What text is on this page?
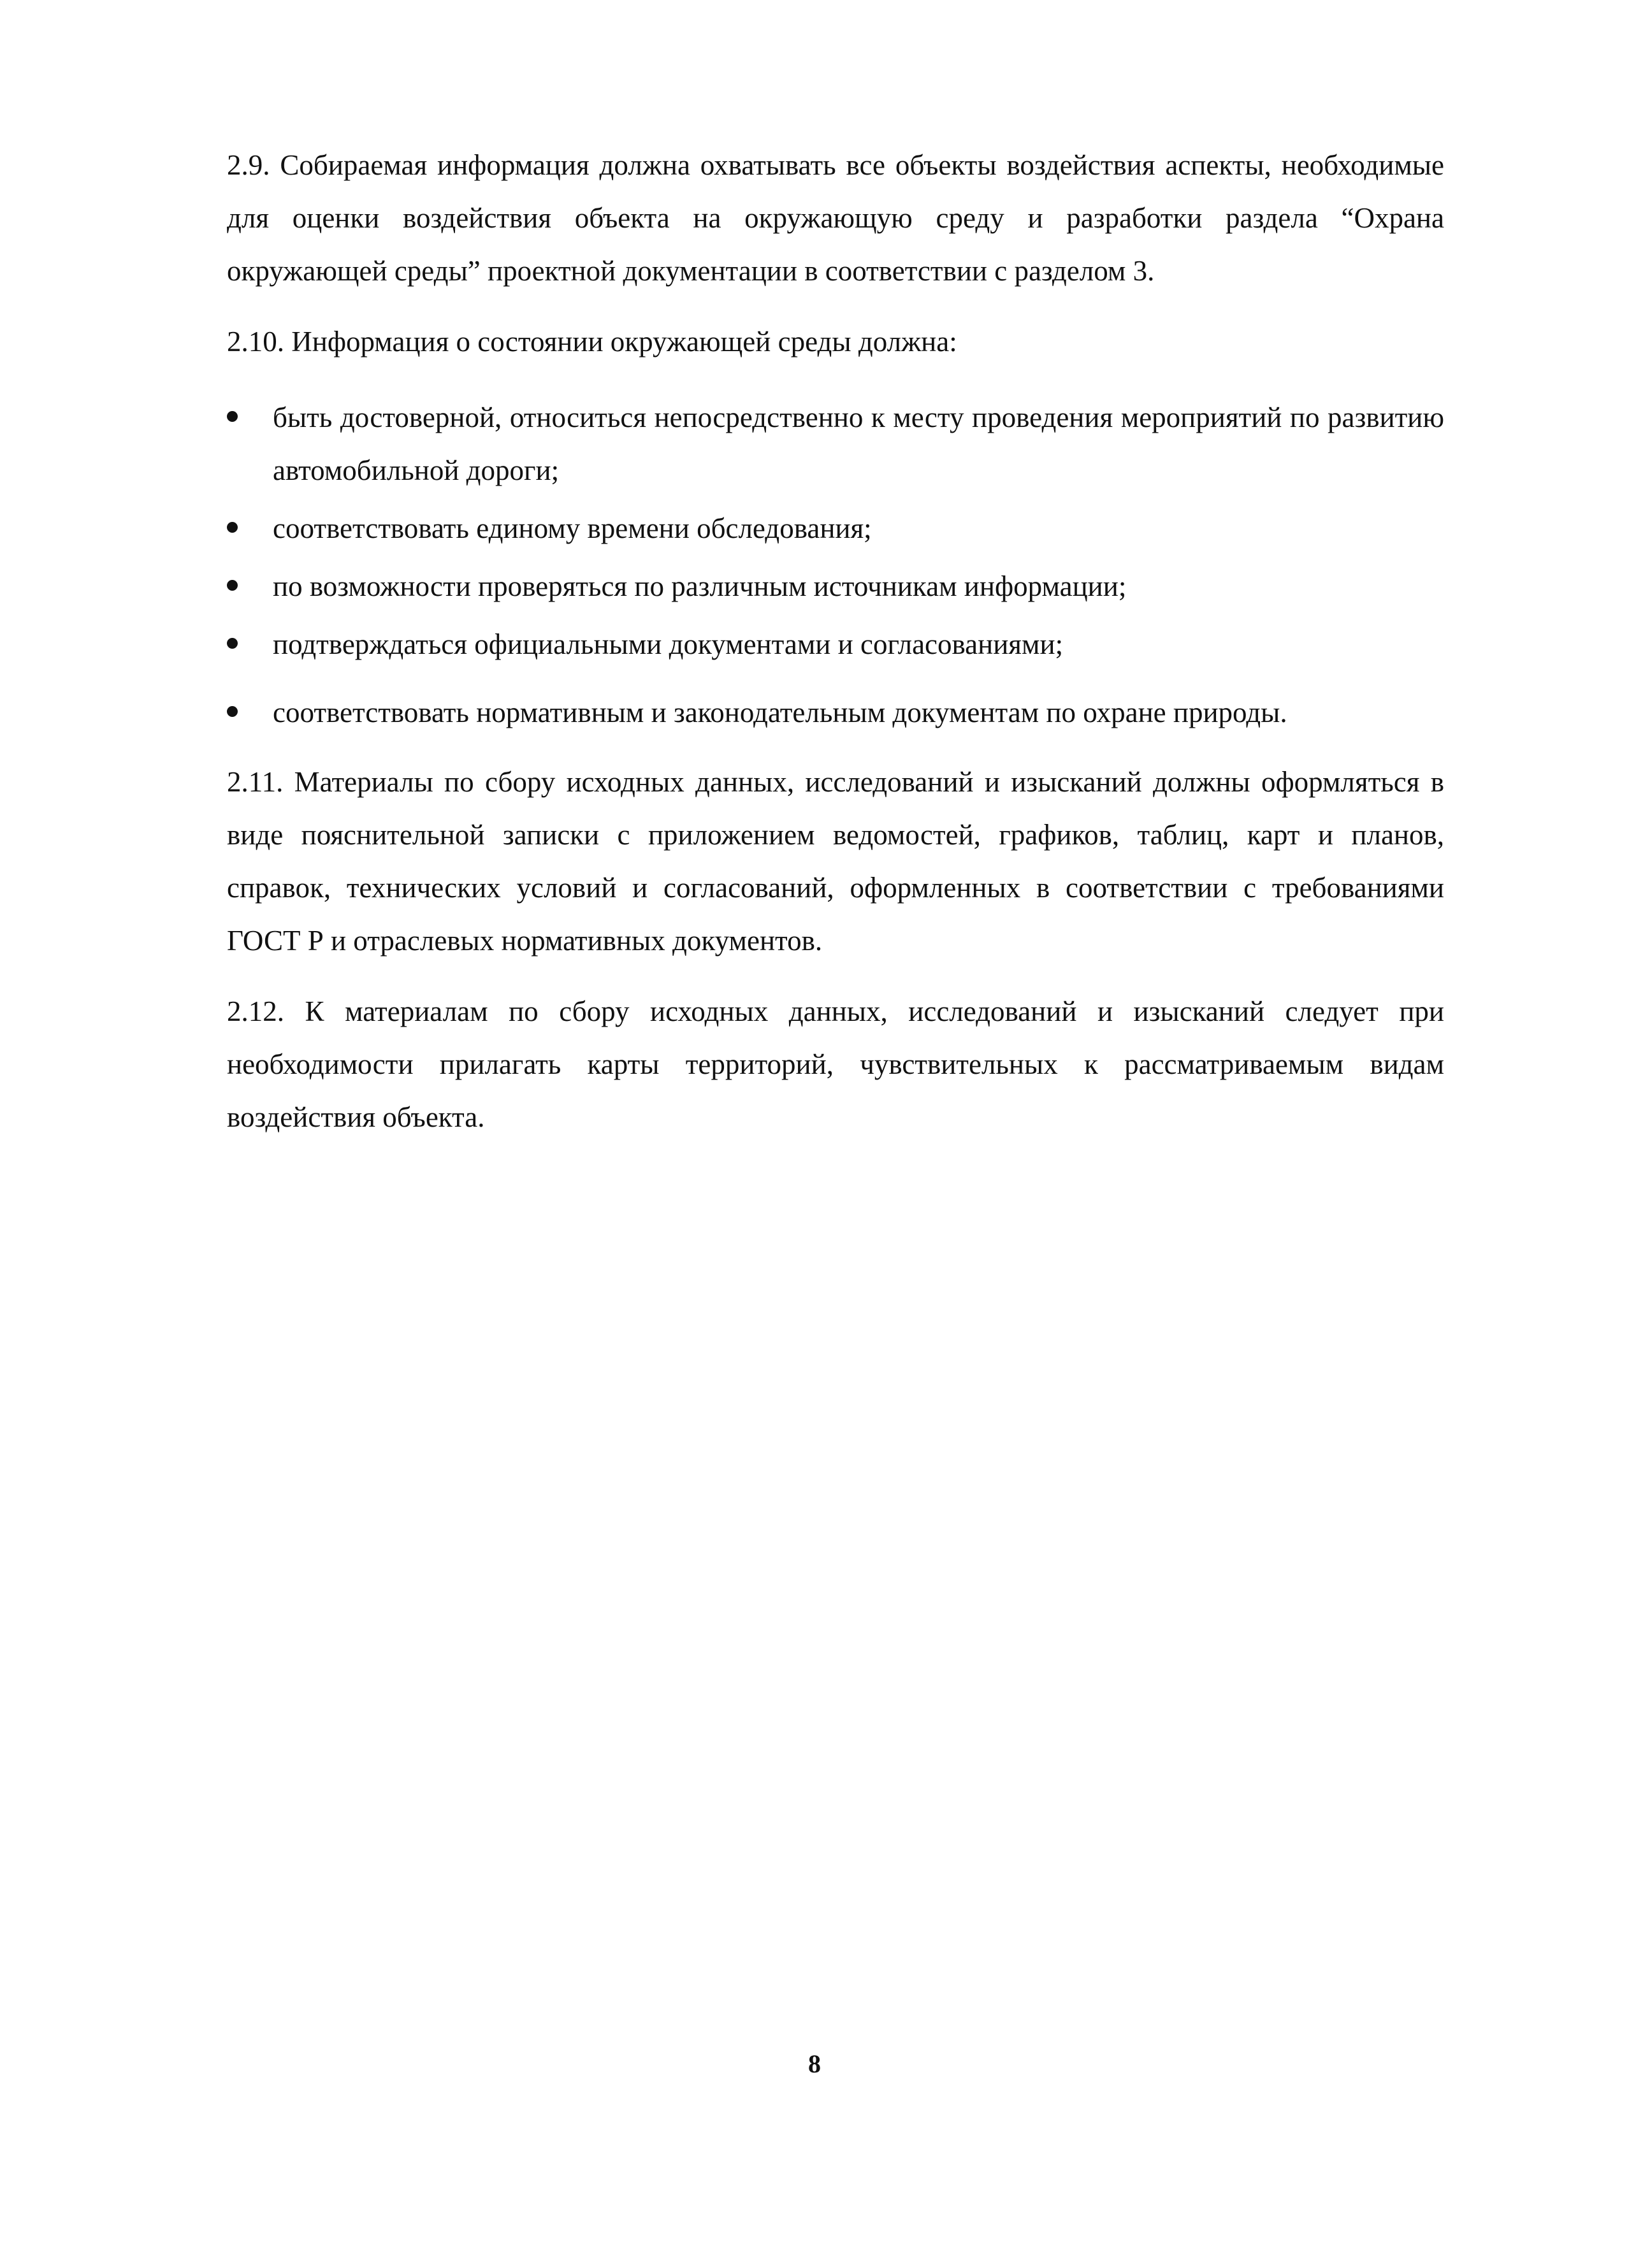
2.9. Собираемая информация должна охватывать все объекты воздействия аспекты, необходимые для оценки воздействия объекта на окружающую среду и разработки раздела “Охрана окружающей среды” проектной документации в соответствии с разделом 3.

2.10. Информация о состоянии окружающей среды должна:

быть достоверной, относиться непосредственно к месту проведения мероприятий по развитию автомобильной дороги;
соответствовать единому времени обследования;
по возможности проверяться по различным источникам информации;
подтверждаться официальными документами и согласованиями;
соответствовать нормативным и законодательным документам по охране природы.

2.11. Материалы по сбору исходных данных, исследований и изысканий должны оформляться в виде пояснительной записки с приложением ведомостей, графиков, таблиц, карт и планов, справок, технических условий и согласований, оформленных в соответствии с требованиями ГОСТ Р и отраслевых нормативных документов.

2.12. К материалам по сбору исходных данных, исследований и изысканий следует при необходимости прилагать карты территорий, чувствительных к рассматриваемым видам воздействия объекта.

8
